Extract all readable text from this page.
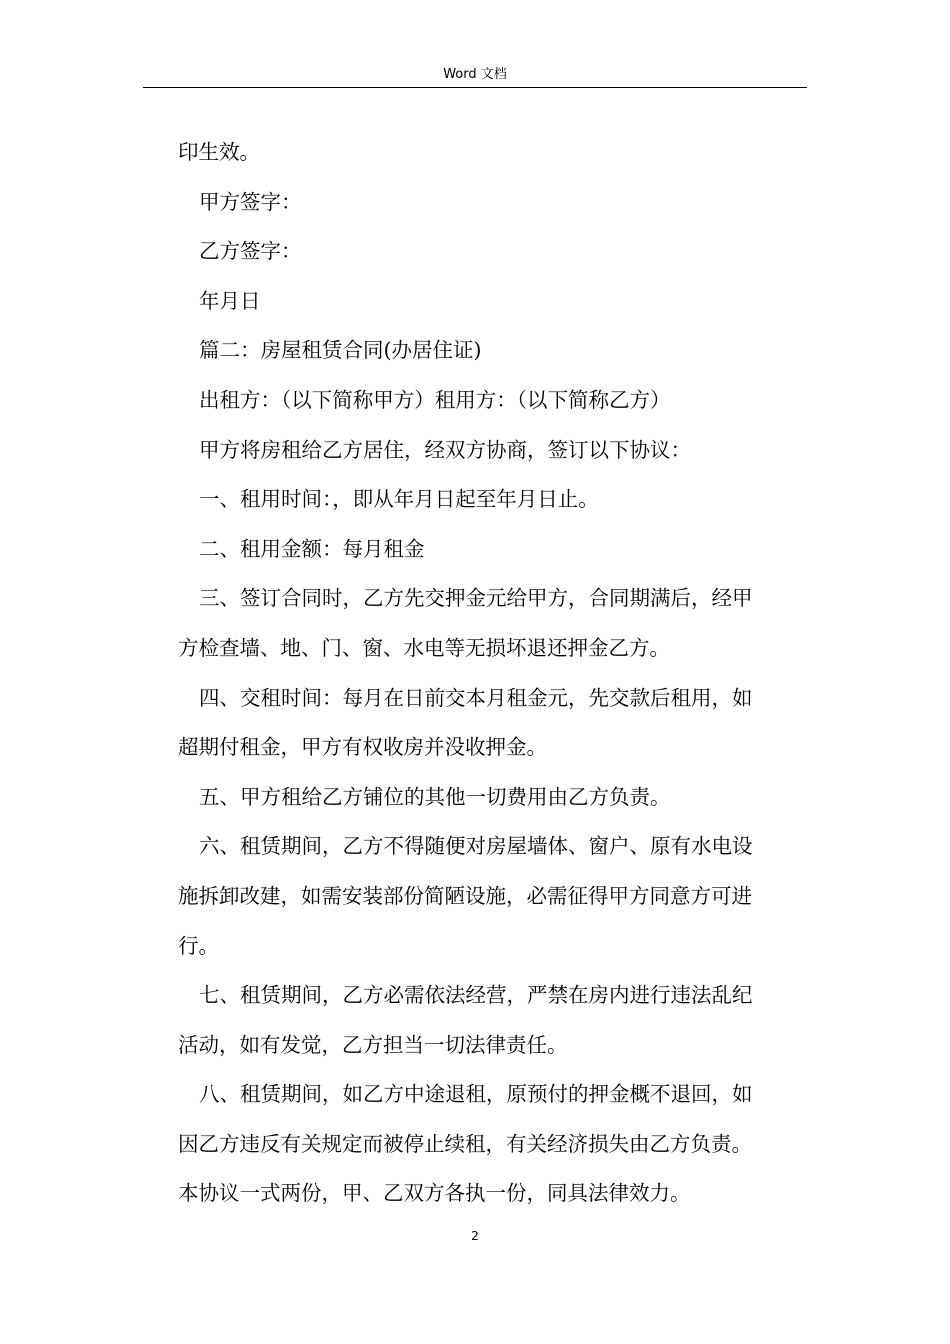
Word 文档
印生效。
甲方签字：
乙方签字：
年月日
篇二：房屋租赁合同(办居住证)
出租方：（以下简称甲方）租用方：（以下简称乙方）
甲方将房租给乙方居住，经双方协商，签订以下协议：
一、租用时间：，即从年月日起至年月日止。
二、租用金额：每月租金
三、签订合同时，乙方先交押金元给甲方，合同期满后，经甲
方检查墙、地、门、窗、水电等无损坏退还押金乙方。
四、交租时间：每月在日前交本月租金元，先交款后租用，如
超期付租金，甲方有权收房并没收押金。
五、甲方租给乙方铺位的其他一切费用由乙方负责。
六、租赁期间，乙方不得随便对房屋墙体、窗户、原有水电设
施拆卸改建，如需安装部份简陋设施，必需征得甲方同意方可进
行。
七、租赁期间，乙方必需依法经营，严禁在房内进行违法乱纪
活动，如有发觉，乙方担当一切法律责任。
八、租赁期间，如乙方中途退租，原预付的押金概不退回，如
因乙方违反有关规定而被停止续租，有关经济损失由乙方负责。
本协议一式两份，甲、乙双方各执一份，同具法律效力。
2
